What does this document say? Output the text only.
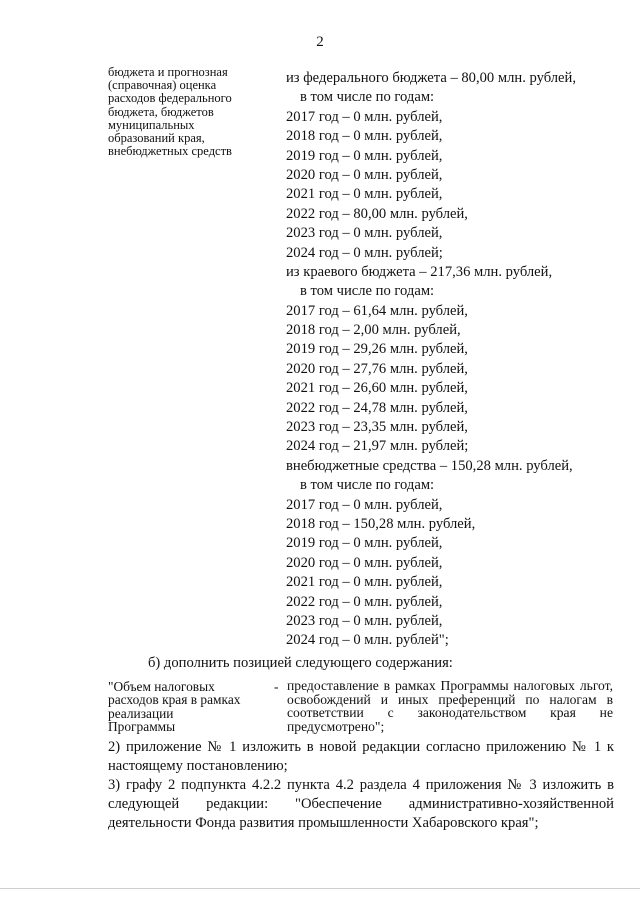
2
бюджета и прогнозная
(справочная) оценка
расходов федерального
бюджета, бюджетов
муниципальных
образований края,
внебюджетных средств
из федерального бюджета – 80,00 млн. рублей,
в том числе по годам:
2017 год – 0 млн. рублей,
2018 год – 0 млн. рублей,
2019 год – 0 млн. рублей,
2020 год – 0 млн. рублей,
2021 год – 0 млн. рублей,
2022 год – 80,00 млн. рублей,
2023 год – 0 млн. рублей,
2024 год – 0 млн. рублей;
из краевого бюджета – 217,36 млн. рублей,
в том числе по годам:
2017 год – 61,64 млн. рублей,
2018 год – 2,00 млн. рублей,
2019 год – 29,26 млн. рублей,
2020 год – 27,76 млн. рублей,
2021 год – 26,60 млн. рублей,
2022 год – 24,78 млн. рублей,
2023 год – 23,35 млн. рублей,
2024 год – 21,97 млн. рублей;
внебюджетные средства – 150,28 млн. рублей,
в том числе по годам:
2017 год – 0 млн. рублей,
2018 год – 150,28 млн. рублей,
2019 год – 0 млн. рублей,
2020 год – 0 млн. рублей,
2021 год – 0 млн. рублей,
2022 год – 0 млн. рублей,
2023 год – 0 млн. рублей,
2024 год – 0 млн. рублей";
б) дополнить позицией следующего содержания:
"Объем налоговых
расходов края в рамках
реализации
Программы
- предоставление в рамках Программы налоговых льгот, освобождений и иных преференций по налогам в соответствии с законодательством края не предусмотрено";
2) приложение № 1 изложить в новой редакции согласно приложению № 1 к настоящему постановлению;
3) графу 2 подпункта 4.2.2 пункта 4.2 раздела 4 приложения № 3 изложить в следующей редакции: "Обеспечение административно-хозяйственной деятельности Фонда развития промышленности Хабаровского края";
